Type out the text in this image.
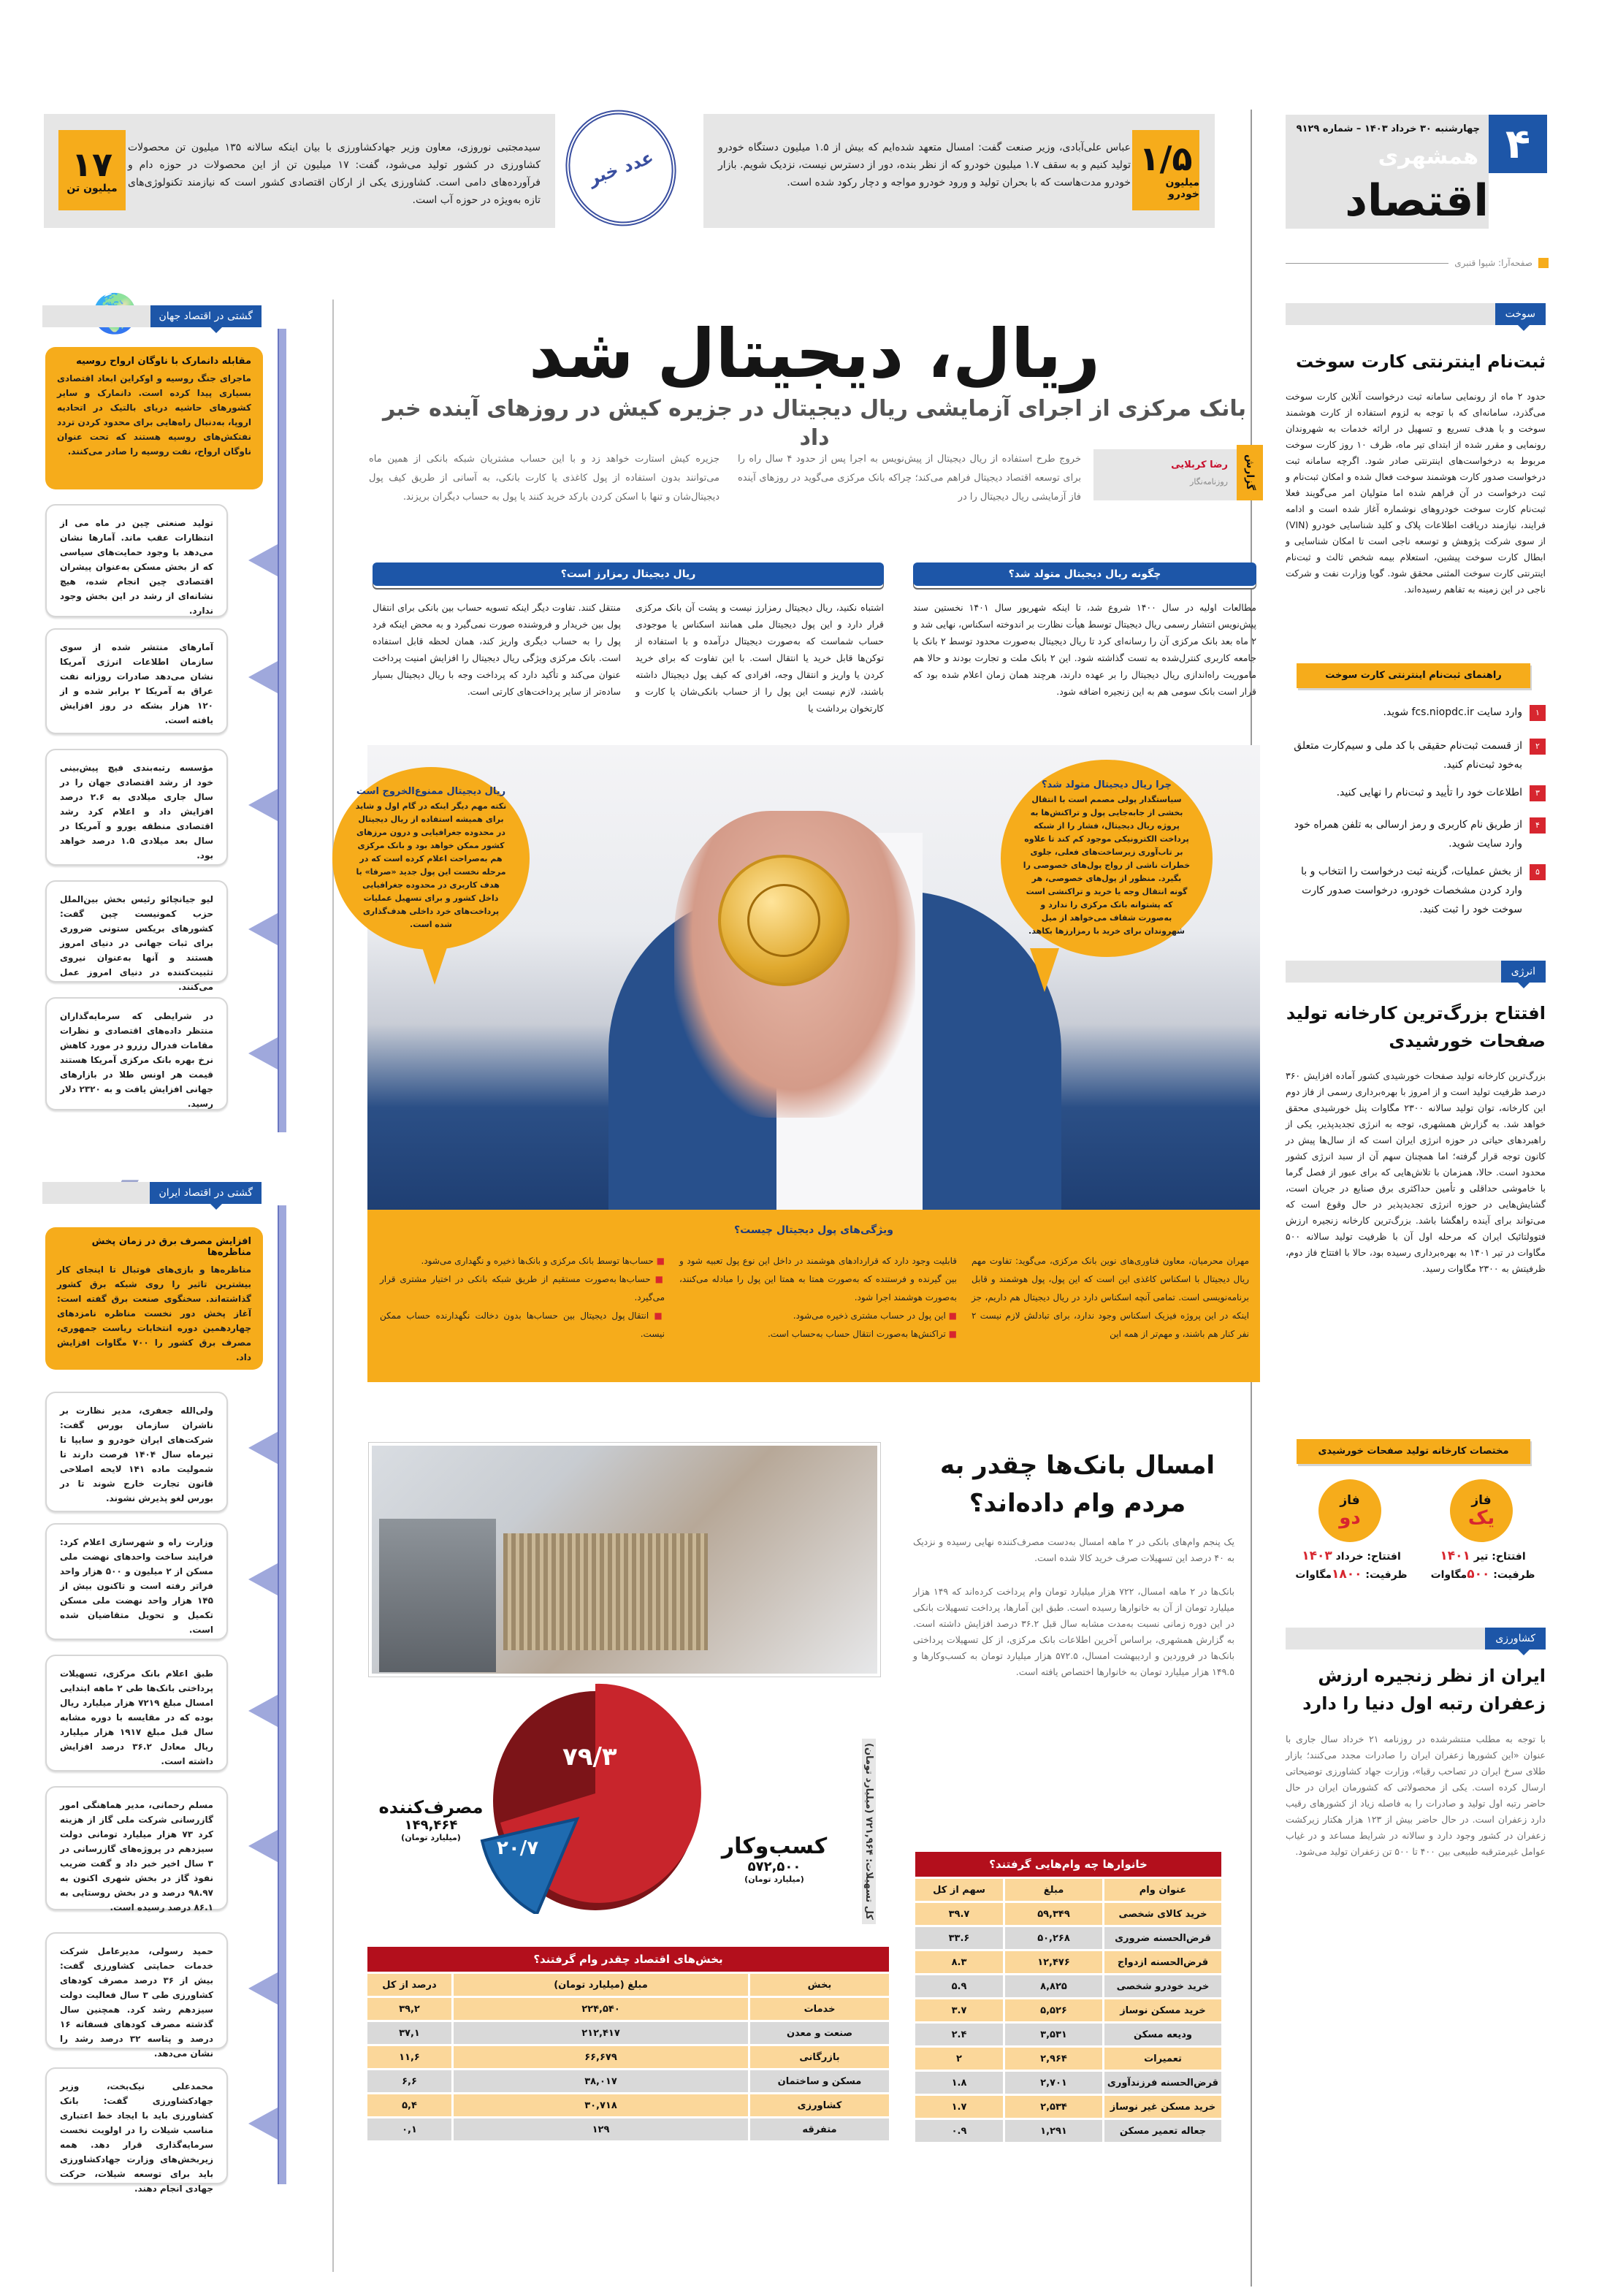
سیدمجتبی نوروزی، معاون وزیر جهادکشاورزی با بیان اینکه سالانه ۱۳۵ میلیون تن محصولات کشاورزی در کشور تولید می‌شود، گفت: ۱۷ میلیون تن از این محصولات در حوزه دام و فرآورده‌های دامی است. کشاورزی یکی از ارکان اقتصادی کشور است که نیازمند تکنولوژی‌های تازه به‌ویژه در حوزه آب است.

۱۷
میلیون تن	عدد خبر	عباس علی‌آبادی، وزیر صنعت گفت: امسال متعهد شده‌ایم که بیش از ۱.۵ میلیون دستگاه خودرو تولید کنیم و به سقف ۱.۷ میلیون خودرو که از نظر بنده، دور از دسترس نیست، نزدیک شویم. بازار خودرو مدت‌هاست که با بحران تولید و ورود خودرو مواجه و دچار رکود شده است.

۱/۵
میلیون خودرو
۴
چهارشنبه ۳۰ خرداد ۱۴۰۳ – شماره ۹۱۲۹
همشهری
اقتصاد
صفحه‌آرا: شیوا قنبری
سوخت
ثبت‌نام اینترنتی کارت سوخت
حدود ۲ ماه از رونمایی سامانه ثبت درخواست آنلاین کارت سوخت می‌گذرد، سامانه‌ای که با توجه به لزوم استفاده از کارت هوشمند سوخت و با هدف تسریع و تسهیل در ارائه خدمات به شهروندان رونمایی و مقرر شده از ابتدای تیر ماه، ظرف ۱۰ روز کارت سوخت مربوط به درخواست‌های اینترنتی صادر شود. اگرچه سامانه ثبت درخواست صدور کارت هوشمند سوخت فعال شده و امکان ثبت‌نام و ثبت درخواست در آن فراهم شده اما متولیان امر می‌گویند فعلا ثبت‌نام کارت سوخت خودروهای نوشماره آغاز شده است و ادامه فرایند، نیازمند دریافت اطلاعات پلاک و کلید شناسایی خودرو (VIN) از سوی شرکت پژوهش و توسعه ناجی است تا امکان شناسایی و ابطال کارت سوخت پیشین، استعلام بیمه شخص ثالث و ثبت‌نام اینترنتی کارت سوخت المثنی محقق شود. گویا وزارت نفت و شرکت ناجی در این زمینه به تفاهم رسیده‌اند.
راهنمای ثبت‌نام اینترنتی کارت سوخت
۱
وارد سایت fcs.niopdc.ir شوید.
۲
از قسمت ثبت‌نام حقیقی با کد ملی و سیم‌کارت متعلق به‌خود ثبت‌نام کنید.
۳
اطلاعات خود را تأیید و ثبت‌نام را نهایی کنید.
۴
از طریق نام کاربری و رمز ارسالی به تلفن همراه خود وارد سایت شوید.
۵
از بخش عملیات، گزینه ثبت درخواست را انتخاب و با وارد کردن مشخصات خودرو، درخواست صدور کارت سوخت خود را ثبت کنید.
انرژی
افتتاح بزرگ‌ترین کارخانه تولید صفحات خورشیدی
بزرگ‌ترین کارخانه تولید صفحات خورشیدی کشور آماده افزایش ۳۶۰ درصد ظرفیت تولید است و از امروز با بهره‌برداری رسمی از فاز دوم این کارخانه، توان تولید سالانه ۲۳۰۰ مگاوات پنل خورشیدی محقق خواهد شد. به گزارش همشهری، توجه به انرژی تجدیدپذیر، یکی از راهبردهای حیاتی در حوزه انرژی ایران است که از سال‌ها پیش در کانون توجه قرار گرفته؛ اما همچنان سهم آن از سبد انرژی کشور محدود است. حالا، همزمان با تلاش‌هایی که برای عبور از فصل گرما با خاموشی حداقلی و تأمین حداکثری برق صنایع در جریان است، گشایش‌هایی در حوزه انرژی تجدیدپذیر در حال وقوع است که می‌تواند برای آینده راهگشا باشد. بزرگ‌ترین کارخانه زنجیره ارزش فتوولتائیک ایران که مرحله اول آن با ظرفیت تولید سالانه ۵۰۰ مگاوات در تیر ۱۴۰۱ به بهره‌برداری رسیده بود، حالا با افتتاح فاز دوم، ظرفیتش به ۲۳۰۰ مگاوات رسید.
مختصات کارخانه تولید صفحات خورشیدی
فاز
یک
افتتاح: تیر ۱۴۰۱
ظرفیت: ۵۰۰مگاوات
فاز
دو
افتتاح: خرداد ۱۴۰۳
ظرفیت: ۱۸۰۰مگاوات
کشاورزی
ایران از نظر زنجیره ارزش زعفران رتبه اول دنیا را دارد
با توجه به مطلب منتشرشده در روزنامه ۲۱ خرداد سال جاری با عنوان «این کشورها زعفران ایران را صادرات مجدد می‌کنند؛ بازار طلای سرخ ایران در تصاحب رقبا»، وزارت جهاد کشاورزی توضیحاتی ارسال کرده است. یکی از محصولاتی که کشورمان ایران در حال حاضر رتبه اول تولید و صادرات را به فاصله زیاد از کشورهای رقیب دارد زعفران است. در حال حاضر بیش از ۱۲۳ هزار هکتار زیرکشت زعفران در کشور وجود دارد و سالانه در شرایط مساعد و در غیاب عوامل غیرمترقبه طبیعی بین ۴۰۰ تا ۵۰۰ تن زعفران تولید می‌شود.
گشتی در اقتصاد جهان
مقابله دانمارک با ناوگان ارواح روسیه

ماجرای جنگ روسیه و اوکراین ابعاد اقتصادی بسیاری پیدا کرده است. دانمارک و سایر کشورهای حاشیه دریای بالتیک در اتحادیه اروپا، به‌دنبال راه‌هایی برای محدود کردن تردد نفتکش‌های روسیه هستند که تحت عنوان ناوگان ارواح، نفت روسیه را صادر می‌کنند.

تولید صنعتی چین در ماه می از انتظارات عقب ماند. آمارها نشان می‌دهد با وجود حمایت‌های سیاسی که از بخش مسکن به‌عنوان پیشران اقتصادی چین انجام شده، هیچ نشانه‌ای از رشد در این بخش وجود ندارد.

آمارهای منتشر شده از سوی سازمان اطلاعات انرژی آمریکا نشان می‌دهد صادرات روزانه نفت عراق به آمریکا ۲ برابر شده و از ۱۲۰ هزار بشکه در روز افزایش یافته است.

مؤسسه رتبه‌بندی فیچ پیش‌بینی خود از رشد اقتصادی جهان را در سال جاری میلادی به ۲.۶ درصد افزایش داد و اعلام کرد رشد اقتصادی منطقه یورو و آمریکا در سال بعد میلادی ۱.۵ درصد خواهد بود.

لیو جیانچائو رئیس بخش بین‌الملل حزب کمونیست چین گفت: کشورهای بریکس ستونی ضروری برای ثبات جهانی در دنیای امروز هستند و آنها به‌عنوان نیروی تثبیت‌کننده در دنیای امروز عمل می‌کنند.

در شرایطی که سرمایه‌گذاران منتظر داده‌های اقتصادی و نظرات مقامات فدرال رزرو در مورد کاهش نرخ بهره بانک مرکزی آمریکا هستند قیمت هر اونس طلا در بازارهای جهانی افزایش یافت و به ۲۳۲۰ دلار رسید.

گشتی در اقتصاد ایران
افزایش مصرف برق در زمان پخش مناظره‌ها

مناظره‌ها و بازی‌های فوتبال تا اینجای کار بیشترین تاثیر را روی شبکه برق کشور گذاشته‌اند. سخنگوی صنعت برق گفته است: آغاز پخش دور نخست مناظره نامزدهای چهاردهمین دوره انتخابات ریاست جمهوری، مصرف برق کشور را ۷۰۰ مگاوات افزایش داد.

ولی‌الله جعفری، مدیر نظارت بر ناشران سازمان بورس گفت: شرکت‌های ایران خودرو و سایپا تا تیرماه سال ۱۴۰۴ فرصت دارند تا شمولیت ماده ۱۴۱ لایحه اصلاحی قانون تجارت خارج شوند تا در بورس لغو پذیرش نشوند.

وزارت راه و شهرسازی اعلام کرد: فرایند ساخت واحدهای نهضت ملی مسکن از ۲ میلیون و ۵۰۰ هزار واحد فراتر رفته است و تاکنون بیش از ۱۴۵ هزار واحد نهضت ملی مسکن تکمیل و تحویل متقاضیان شده است.

طبق اعلام بانک مرکزی، تسهیلات پرداختی بانک‌ها طی ۲ ماهه ابتدایی امسال مبلغ ۷۲۱۹ هزار میلیارد ریال بوده که در مقایسه با دوره مشابه سال قبل مبلغ ۱۹۱۷ هزار میلیارد ریال معادل ۳۶.۲ درصد افزایش داشته است.

مسلم رحمانی، مدیر هماهنگی امور گازرسانی شرکت ملی گاز از هزینه کرد ۷۳ هزار میلیارد تومانی دولت سیزدهم در پروژه‌های گازرسانی در ۳ سال اخیر خبر داد و گفت ضریب نفوذ گاز در بخش شهری اکنون به ۹۸.۹۷ درصد و در بخش روستایی به ۸۶.۱ درصد رسیده است.

حمید رسولی، مدیرعامل شرکت خدمات حمایتی کشاورزی گفت: بیش از ۳۶ درصد مصرف کودهای کشاورزی طی ۳ سال فعالیت دولت سیزدهم رشد کرد. همچنین سال گذشته مصرف کودهای فسفاته ۱۶ درصد و پتاسه ۳۲ درصد رشد را نشان می‌دهد.

محمدعلی نیک‌بخت، وزیر جهادکشاورزی گفت: بانک کشاورزی باید با ایجاد خط اعتباری مناسب شیلات را در اولویت نخست سرمایه‌گذاری قرار دهد. همه زیربخش‌های وزارت جهادکشاورزی باید برای توسعه شیلات، حرکت جهادی انجام دهند.

ریال، دیجیتال شد
بانک مرکزی از اجرای آزمایشی ریال دیجیتال در جزیره کیش در روزهای آینده خبر داد
گزارش
رضا کربلایی
روزنامه‌نگار
خروج طرح استفاده از ریال دیجیتال از پیش‌نویس به اجرا پس از حدود ۴ سال راه را برای توسعه اقتصاد دیجیتال فراهم می‌کند؛ چراکه بانک مرکزی می‌گوید در روزهای آینده فاز آزمایشی ریال دیجیتال را در
جزیره کیش استارت خواهد زد و با این حساب مشتریان شبکه بانکی از همین ماه می‌توانند بدون استفاده از پول کاغذی یا کارت بانکی، به آسانی از طریق کیف پول دیجیتال‌شان و تنها با اسکن کردن بارکد خرید کنند یا پول به حساب دیگران بریزند.
چگونه ریال دیجیتال متولد شد؟
مطالعات اولیه در سال ۱۴۰۰ شروع شد، تا اینکه شهریور سال ۱۴۰۱ نخستین سند پیش‌نویس انتشار رسمی ریال دیجیتال توسط هیأت نظارت بر اندوخته اسکناس، نهایی شد و ۲ ماه بعد بانک مرکزی آن را رسانه‌ای کرد تا ریال دیجیتال به‌صورت محدود توسط ۲ بانک با جامعه کاربری کنترل‌شده به تست گذاشته شود. این ۲ بانک ملت و تجارت بودند و حالا هم ماموریت راه‌اندازی ریال دیجیتال را بر عهده دارند، هرچند همان زمان اعلام شده بود که قرار است بانک سومی هم به این زنجیره اضافه شود.
ریال دیجیتال رمزارز است؟
اشتباه نکنید، ریال دیجیتال رمزارز نیست و پشت آن بانک مرکزی قرار دارد و این پول دیجیتال ملی همانند اسکناس یا موجودی حساب شماست که به‌صورت دیجیتال درآمده و با استفاده از توکن‌ها قابل خرید یا انتقال است. با این تفاوت که برای خرید کردن یا واریز و انتقال وجه، افرادی که کیف پول دیجیتال داشته باشند، لازم نیست این پول را از حساب بانکی‌شان یا کارت و کارتخوان برداشت یا
منتقل کنند. تفاوت دیگر اینکه تسویه حساب بین بانکی برای انتقال پول بین خریدار و فروشنده صورت نمی‌گیرد و به محض اینکه فرد پول را به حساب دیگری واریز کند، همان لحظه قابل استفاده است. بانک مرکزی ویژگی ریال دیجیتال را افزایش امنیت پرداخت عنوان می‌کند و تأکید دارد که پرداخت وجه با ریال دیجیتال بسیار ساده‌تر از سایر پرداخت‌های کارتی است.
چرا ریال دیجیتال متولد شد؟

سیاستگذار پولی مصمم است با انتقال بخشی از جابه‌جایی پول و تراکنش‌ها به پروژه ریال دیجیتال، فشار را از شبکه پرداخت الکترونیکی موجود کم کند تا علاوه بر تاب‌آوری زیرساخت‌های فعلی، جلوی خطرات ناشی از رواج پول‌های خصوصی را بگیرد. منظور از پول‌های خصوصی، هر گونه انتقال وجه یا خرید و تراکنشی است که پشتوانه بانک مرکزی را ندارد و به‌صورت شفاف می‌خواهد از میل شهروندان برای خرید با رمزارزها بکاهد.

ریال دیجیتال ممنوع‌الخروج است

نکته مهم دیگر اینکه در گام اول و شاید برای همیشه استفاده از ریال دیجیتال در محدوده جغرافیایی و درون مرزهای کشور ممکن خواهد بود و بانک مرکزی هم به‌صراحت اعلام کرده است که در مرحله نخست این پول جدید «صرفا» با هدف کاربری در محدوده جغرافیایی داخل کشور و برای تسهیل عملیات پرداخت‌های خرد داخلی هدف‌گذاری شده است.

ویژگی‌های پول دیجیتال چیست؟
مهران محرمیان، معاون فناوری‌های نوین بانک مرکزی، می‌گوید: تفاوت مهم ریال دیجیتال با اسکناس کاغذی این است که این پول، پول هوشمند و قابل برنامه‌نویسی است. تمامی آنچه اسکناس دارد در ریال دیجیتال هم داریم، جز اینکه در این پروژه فیزیک اسکناس وجود ندارد، برای تبادلش لازم نیست ۲ نفر کنار هم باشند، و مهم‌تر از همه این
قابلیت وجود دارد که قراردادهای هوشمند در داخل این نوع پول تعبیه شود و بین گیرنده و فرستنده که به‌صورت همتا به همتا این پول را مبادله می‌کنند، به‌صورت هوشمند اجرا شود.
■ این پول در حساب مشتری ذخیره می‌شود.
■ تراکنش‌ها به‌صورت انتقال حساب به‌حساب است.
■ حساب‌ها توسط بانک مرکزی و بانک‌ها ذخیره و نگهداری می‌شود.
■ حساب‌ها به‌صورت مستقیم از طریق شبکه بانکی در اختیار مشتری قرار می‌گیرد.
■ انتقال پول دیجیتال بین حساب‌ها بدون دخالت نگهدارنده حساب ممکن نیست.
امسال بانک‌ها چقدر به مردم وام داده‌اند؟
یک پنجم وام‌های بانکی در ۲ ماهه امسال به‌دست مصرف‌کننده نهایی رسیده و نزدیک به ۴۰ درصد این تسهیلات صرف خرید کالا شده است.
بانک‌ها در ۲ ماهه امسال، ۷۲۲ هزار میلیارد تومان وام پرداخت کرده‌اند که ۱۴۹ هزار میلیارد تومان از آن به خانوارها رسیده است. طبق این آمارها، پرداخت تسهیلات بانکی در این دوره زمانی نسبت به‌مدت مشابه سال قبل ۳۶.۲ درصد افزایش داشته است. به گزارش همشهری، براساس آخرین اطلاعات بانک مرکزی، از کل تسهیلات پرداختی بانک‌ها در فروردین و اردیبهشت امسال، ۵۷۲.۵ هزار میلیارد تومان به کسب‌وکارها و ۱۴۹.۵ هزار میلیارد تومان به خانوارها اختصاص یافته است.
۷۹/۳
۲۰/۷	کسب‌وکار
۵۷۲,۵۰۰
(میلیارد تومان)
مصرف‌کننده
۱۴۹,۴۶۴
(میلیارد تومان)
کل تسهیلات: ۷۲۱,۹۶۴ (میلیارد تومان)
بخش‌های اقتصاد چقدر وام گرفتند؟
بخش	مبلغ (میلیارد تومان)	درصد از کل
خدمات	۲۲۴,۵۴۰	۳۹,۲
صنعت و معدن	۲۱۲,۴۱۷	۳۷,۱
بازرگانی	۶۶,۶۷۹	۱۱,۶
مسکن و ساختمان	۳۸,۰۱۷	۶,۶
کشاورزی	۳۰,۷۱۸	۵,۴
متفرقه	۱۲۹	۰,۱
خانوارها چه وام‌هایی گرفتند؟
عنوان وام	مبلغ	سهم از کل
خرید کالای شخصی	۵۹,۳۴۹	۳۹.۷
قرض‌الحسنه ضروری	۵۰,۲۶۸	۳۳.۶
قرض‌الحسنه ازدواج	۱۲,۴۷۶	۸.۳
خرید خودرو شخصی	۸,۸۲۵	۵.۹
خرید مسکن نوساز	۵,۵۲۶	۳.۷
ودیعه مسکن	۳,۵۳۱	۲.۴
تعمیرات	۲,۹۶۴	۲
قرض‌الحسنه فرزندآوری	۲,۷۰۱	۱.۸
خرید مسکن غیر نوساز	۲,۵۳۴	۱.۷
جعاله تعمیر مسکن	۱,۲۹۱	۰.۹
